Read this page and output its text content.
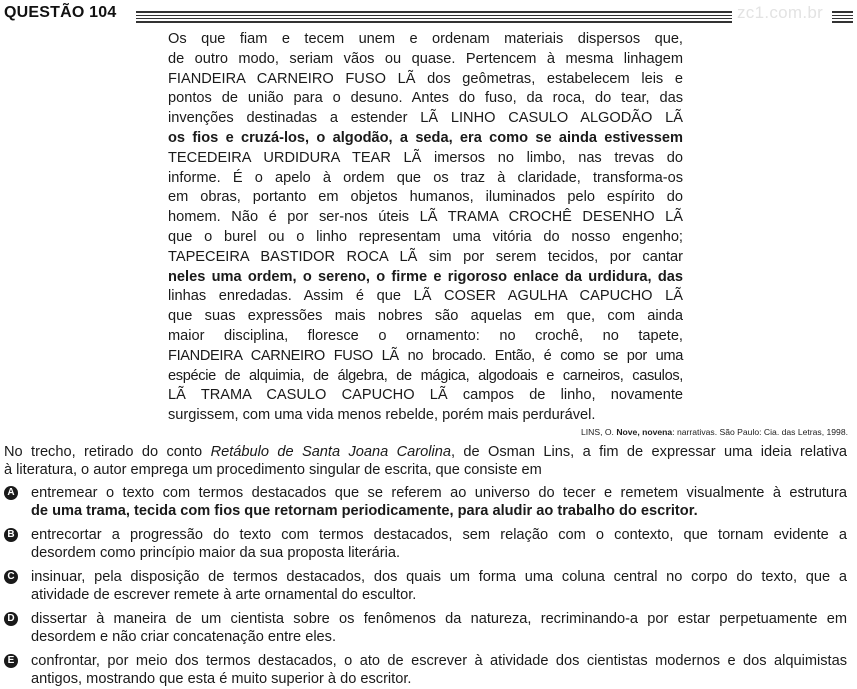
QUESTÃO 104	zc1.com.br
Os que fiam e tecem unem e ordenam materiais dispersos que,
de outro modo, seriam vãos ou quase. Pertencem à mesma linhagem
FIANDEIRA CARNEIRO FUSO LÃ dos geômetras, estabelecem leis e
pontos de união para o desuno. Antes do fuso, da roca, do tear, das
invenções destinadas a estender LÃ LINHO CASULO ALGODÃO LÃ
os fios e cruzá-los, o algodão, a seda, era como se ainda estivessem
TECEDEIRA URDIDURA TEAR LÃ imersos no limbo, nas trevas do
informe. É o apelo à ordem que os traz à claridade, transforma-os
em obras, portanto em objetos humanos, iluminados pelo espírito do
homem. Não é por ser-nos úteis LÃ TRAMA CROCHÊ DESENHO LÃ
que o burel ou o linho representam uma vitória do nosso engenho;
TAPECEIRA BASTIDOR ROCA LÃ sim por serem tecidos, por cantar
neles uma ordem, o sereno, o firme e rigoroso enlace da urdidura, das
linhas enredadas. Assim é que LÃ COSER AGULHA CAPUCHO LÃ
que suas expressões mais nobres são aquelas em que, com ainda
maior disciplina, floresce o ornamento: no crochê, no tapete,
FIANDEIRA CARNEIRO FUSO LÃ no brocado. Então, é como se por uma
espécie de alquimia, de álgebra, de mágica, algodoais e carneiros, casulos,
LÃ TRAMA CASULO CAPUCHO LÃ campos de linho, novamente
surgissem, com uma vida menos rebelde, porém mais perdurável.
LINS, O. Nove, novena: narrativas. São Paulo: Cia. das Letras, 1998.
No trecho, retirado do conto Retábulo de Santa Joana Carolina, de Osman Lins, a fim de expressar uma ideia relativa
à literatura, o autor emprega um procedimento singular de escrita, que consiste em
A entremear o texto com termos destacados que se referem ao universo do tecer e remetem visualmente à estrutura
de uma trama, tecida com fios que retornam periodicamente, para aludir ao trabalho do escritor.
B entrecortar a progressão do texto com termos destacados, sem relação com o contexto, que tornam evidente a
desordem como princípio maior da sua proposta literária.
C insinuar, pela disposição de termos destacados, dos quais um forma uma coluna central no corpo do texto, que a
atividade de escrever remete à arte ornamental do escultor.
D dissertar à maneira de um cientista sobre os fenômenos da natureza, recriminando-a por estar perpetuamente em
desordem e não criar concatenação entre eles.
E confrontar, por meio dos termos destacados, o ato de escrever à atividade dos cientistas modernos e dos alquimistas
antigos, mostrando que esta é muito superior à do escritor.
